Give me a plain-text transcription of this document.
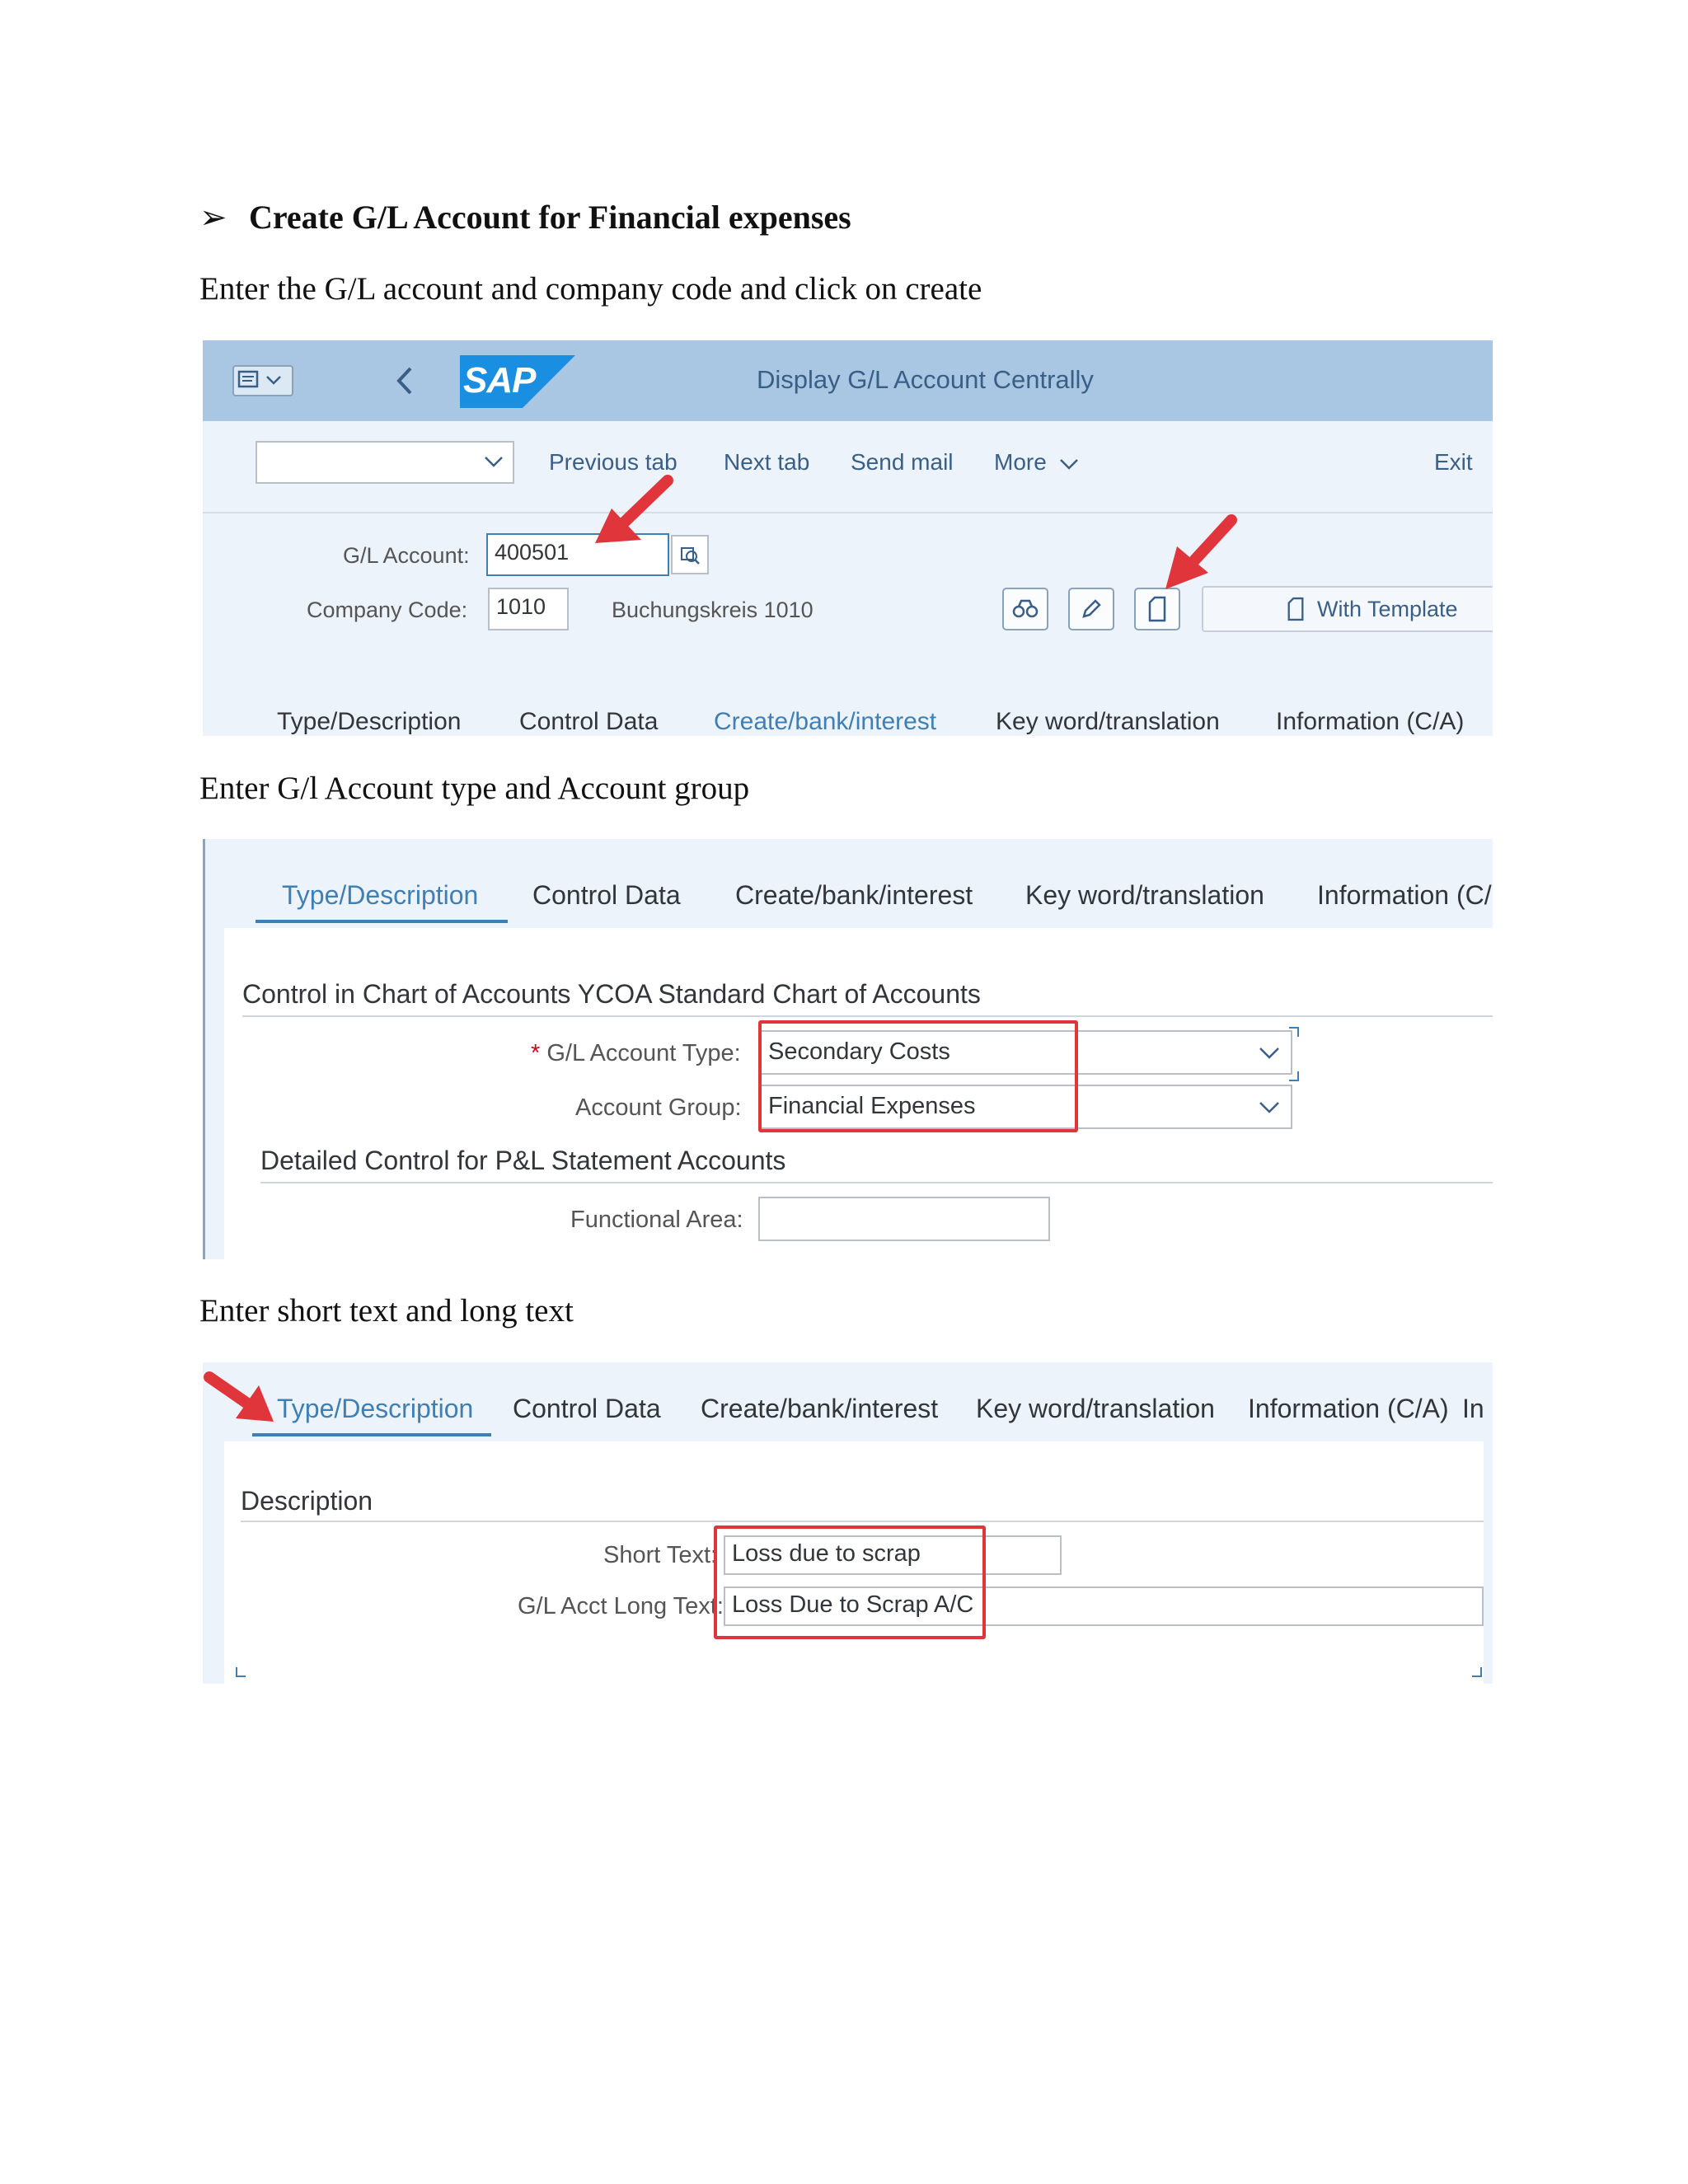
➢ Create G/L Account for Financial expenses
Enter the G/L account and company code and click on create
Enter G/l Account type and Account group
Enter short text and long text
SAP	Display G/L Account Centrally
Previous tab Next tab Send mail More	Exit
G/L Account:	400501
Company Code:	1010	Buchungskreis 1010	With Template
Type/Description Control Data Create/bank/interest Key word/translation Information (C/A)
Type/Description Control Data Create/bank/interest Key word/translation Information (C/
Control in Chart of Accounts YCOA Standard Chart of Accounts
* G/L Account Type:	Secondary Costs
Account Group:	Financial Expenses
Detailed Control for P&L Statement Accounts
Functional Area:
Type/Description Control Data Create/bank/interest Key word/translation Information (C/A) In
Description
Short Text: Loss due to scrap
G/L Acct Long Text: Loss Due to Scrap A/C
